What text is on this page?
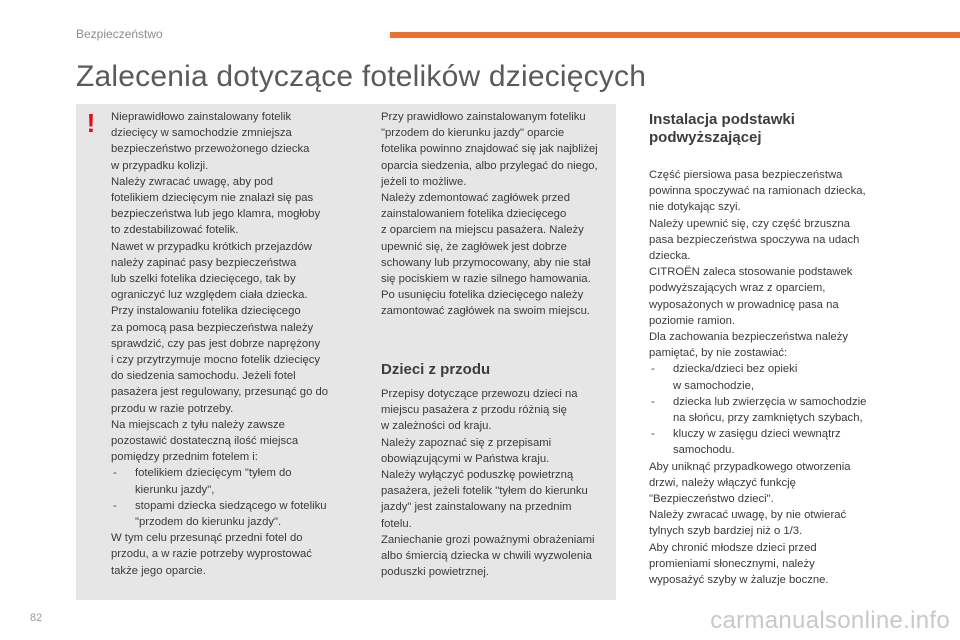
Bezpieczeństwo
Zalecenia dotyczące fotelików dziecięcych
! Nieprawidłowo zainstalowany fotelik
dziecięcy w samochodzie zmniejsza
bezpieczeństwo przewożonego dziecka
w przypadku kolizji.
Należy zwracać uwagę, aby pod
fotelikiem dziecięcym nie znalazł się pas
bezpieczeństwa lub jego klamra, mogłoby
to zdestabilizować fotelik.
Nawet w przypadku krótkich przejazdów
należy zapinać pasy bezpieczeństwa
lub szelki fotelika dziecięcego, tak by
ograniczyć luz względem ciała dziecka.
Przy instalowaniu fotelika dziecięcego
za pomocą pasa bezpieczeństwa należy
sprawdzić, czy pas jest dobrze naprężony
i czy przytrzymuje mocno fotelik dziecięcy
do siedzenia samochodu. Jeżeli fotel
pasażera jest regulowany, przesunąć go do
przodu w razie potrzeby.
Na miejscach z tyłu należy zawsze
pozostawić dostateczną ilość miejsca
pomiędzy przednim fotelem i:
- fotelikiem dziecięcym "tyłem do
kierunku jazdy",
- stopami dziecka siedzącego w foteliku
"przodem do kierunku jazdy".
W tym celu przesunąć przedni fotel do
przodu, a w razie potrzeby wyprostować
także jego oparcie.
Przy prawidłowo zainstalowanym foteliku
"przodem do kierunku jazdy" oparcie
fotelika powinno znajdować się jak najbliżej
oparcia siedzenia, albo przylegać do niego,
jeżeli to możliwe.
Należy zdemontować zagłówek przed
zainstalowaniem fotelika dziecięcego
z oparciem na miejscu pasażera. Należy
upewnić się, że zagłówek jest dobrze
schowany lub przymocowany, aby nie stał
się pociskiem w razie silnego hamowania.
Po usunięciu fotelika dziecięcego należy
zamontować zagłówek na swoim miejscu.
Dzieci z przodu
Przepisy dotyczące przewozu dzieci na
miejscu pasażera z przodu różnią się
w zależności od kraju.
Należy zapoznać się z przepisami
obowiązującymi w Państwa kraju.
Należy wyłączyć poduszkę powietrzną
pasażera, jeżeli fotelik "tyłem do kierunku
jazdy" jest zainstalowany na przednim
fotelu.
Zaniechanie grozi poważnymi obrażeniami
albo śmiercią dziecka w chwili wyzwolenia
poduszki powietrznej.
Instalacja podstawki
podwyższającej
Część piersiowa pasa bezpieczeństwa
powinna spoczywać na ramionach dziecka,
nie dotykając szyi.
Należy upewnić się, czy część brzuszna
pasa bezpieczeństwa spoczywa na udach
dziecka.
CITROËN zaleca stosowanie podstawek
podwyższających wraz z oparciem,
wyposażonych w prowadnicę pasa na
poziomie ramion.
Dla zachowania bezpieczeństwa należy
pamiętać, by nie zostawiać:
- dziecka/dzieci bez opieki
w samochodzie,
- dziecka lub zwierzęcia w samochodzie
na słońcu, przy zamkniętych szybach,
- kluczy w zasięgu dzieci wewnątrz
samochodu.
Aby uniknąć przypadkowego otworzenia
drzwi, należy włączyć funkcję
"Bezpieczeństwo dzieci".
Należy zwracać uwagę, by nie otwierać
tylnych szyb bardziej niż o 1/3.
Aby chronić młodsze dzieci przed
promieniami słonecznymi, należy
wyposażyć szyby w żaluzje boczne.
82	carmanualsonline.info
